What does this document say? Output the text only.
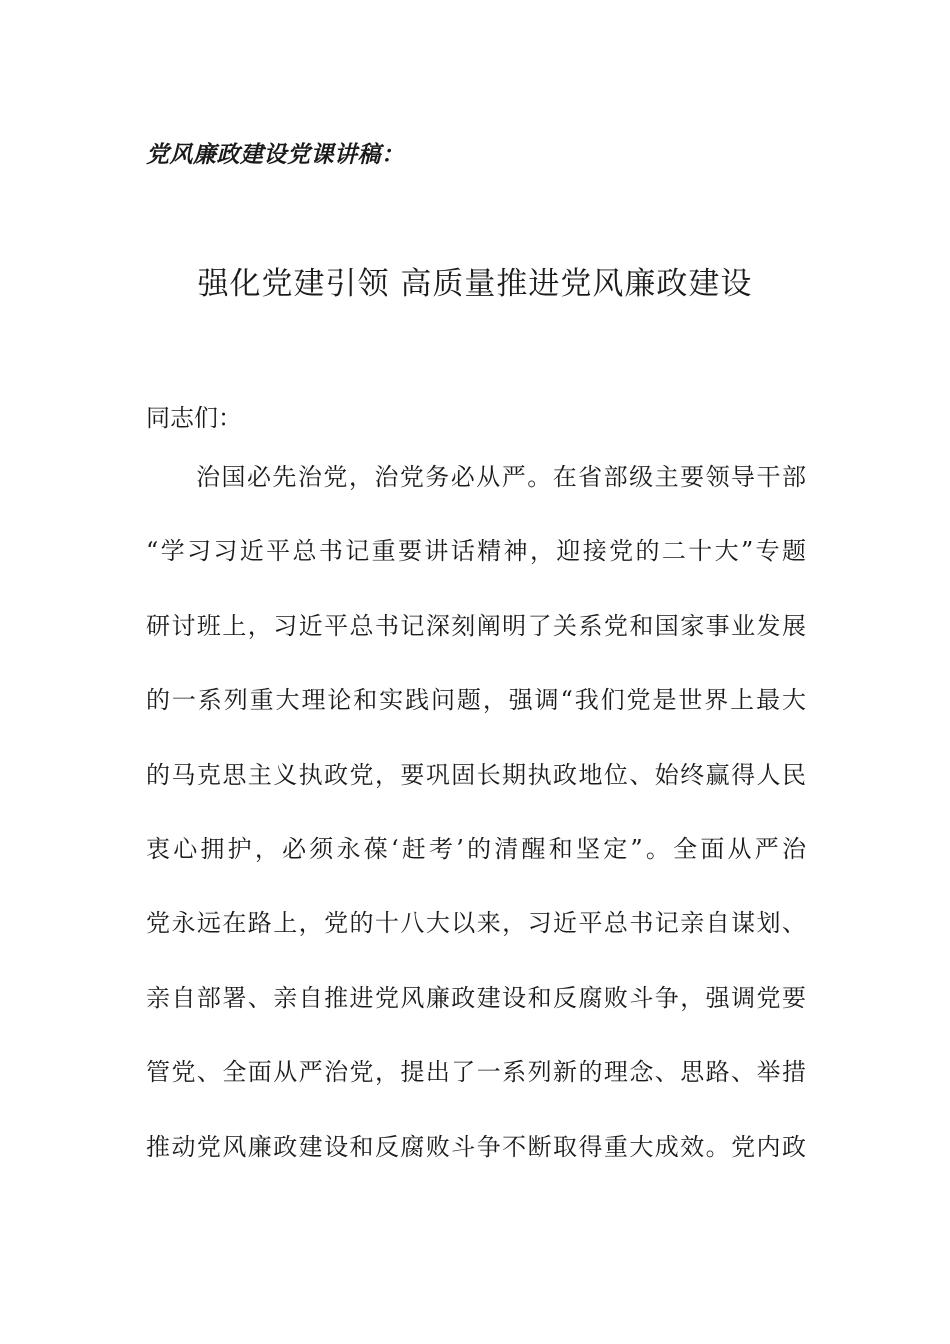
党风廉政建设党课讲稿：
强化党建引领 高质量推进党风廉政建设
同志们：
治国必先治党，治党务必从严。在省部级主要领导干部
“学习习近平总书记重要讲话精神，迎接党的二十大”专题
研讨班上，习近平总书记深刻阐明了关系党和国家事业发展
的一系列重大理论和实践问题，强调“我们党是世界上最大
的马克思主义执政党，要巩固长期执政地位、始终赢得人民
衷心拥护，必须永葆‘赶考’的清醒和坚定”。全面从严治
党永远在路上，党的十八大以来，习近平总书记亲自谋划、
亲自部署、亲自推进党风廉政建设和反腐败斗争，强调党要
管党、全面从严治党，提出了一系列新的理念、思路、举措
推动党风廉政建设和反腐败斗争不断取得重大成效。党内政
